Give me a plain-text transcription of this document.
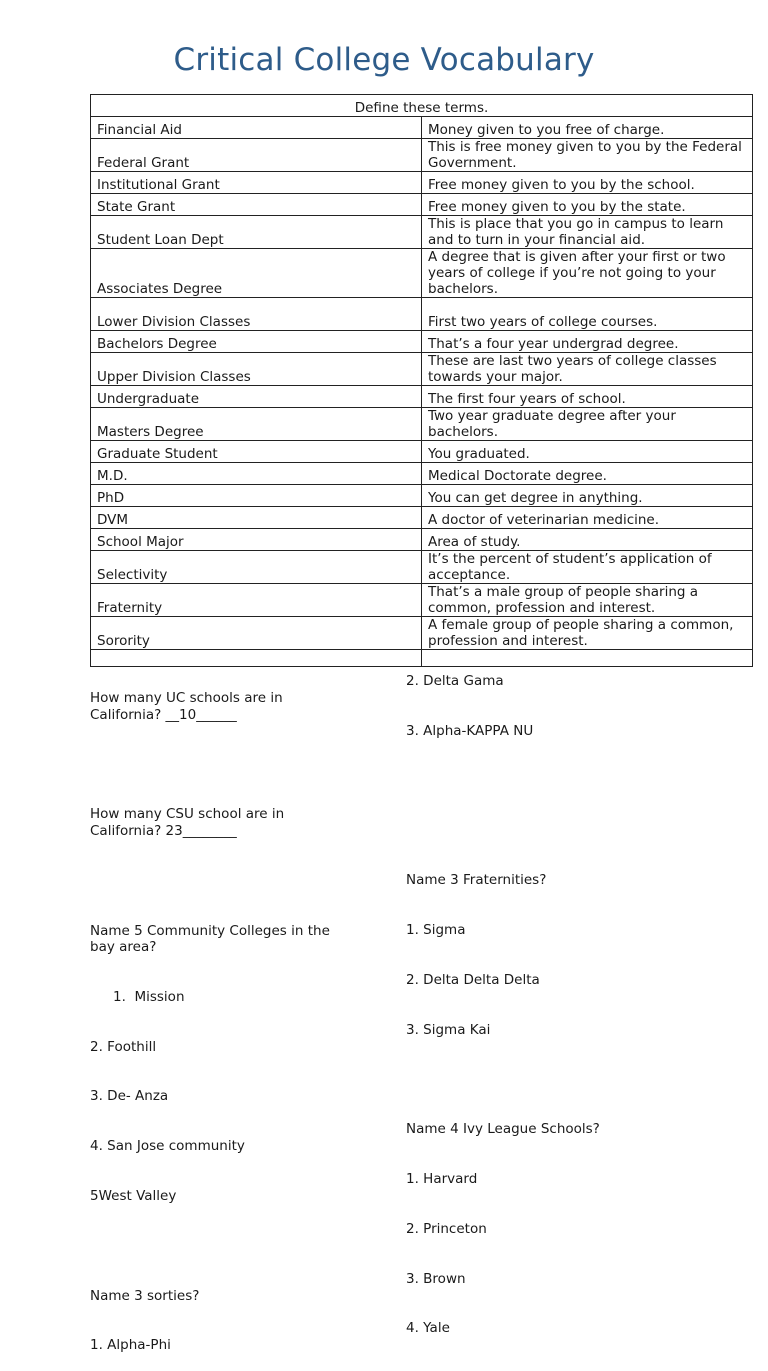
Critical College Vocabulary
Define these terms.	
Financial Aid	Money given to you free of charge.
Federal Grant	This is free money given to you by the Federal Government.
Institutional Grant	Free money given to you by the school.
State Grant	Free money given to you by the state.
Student Loan Dept	This is place that you go in campus to learn and to turn in your financial aid.
Associates Degree	A degree that is given after your first or two years of college if you’re not going to your bachelors.
Lower Division Classes	First two years of college courses.
Bachelors Degree	That’s a four year undergrad degree.
Upper Division Classes	These are last two years of college classes towards your major.
Undergraduate	The first four years of school.
Masters Degree	Two year graduate degree after your bachelors.
Graduate Student	You graduated.
M.D.	Medical Doctorate degree.
PhD	You can get degree in anything.
DVM	A doctor of veterinarian medicine.
School Major	Area of study.
Selectivity	It’s the percent of student’s application of acceptance.
Fraternity	That’s a male group of people sharing a common, profession and interest.
Sorority	A female group of people sharing a common, profession and interest.

How many UC schools are in California? __10______

How many CSU school are in California? 23________

Name 5 Community Colleges in the bay area?

1.  Mission

2. Foothill

3. De- Anza

4. San Jose community

5West Valley

Name 3 sorties?

1. Alpha-Phi

2. Delta Gama

3. Alpha-KAPPA NU

Name 3 Fraternities?

1. Sigma

2. Delta Delta Delta

3. Sigma Kai

Name 4 Ivy League Schools?

1. Harvard

2. Princeton

3. Brown

4. Yale
